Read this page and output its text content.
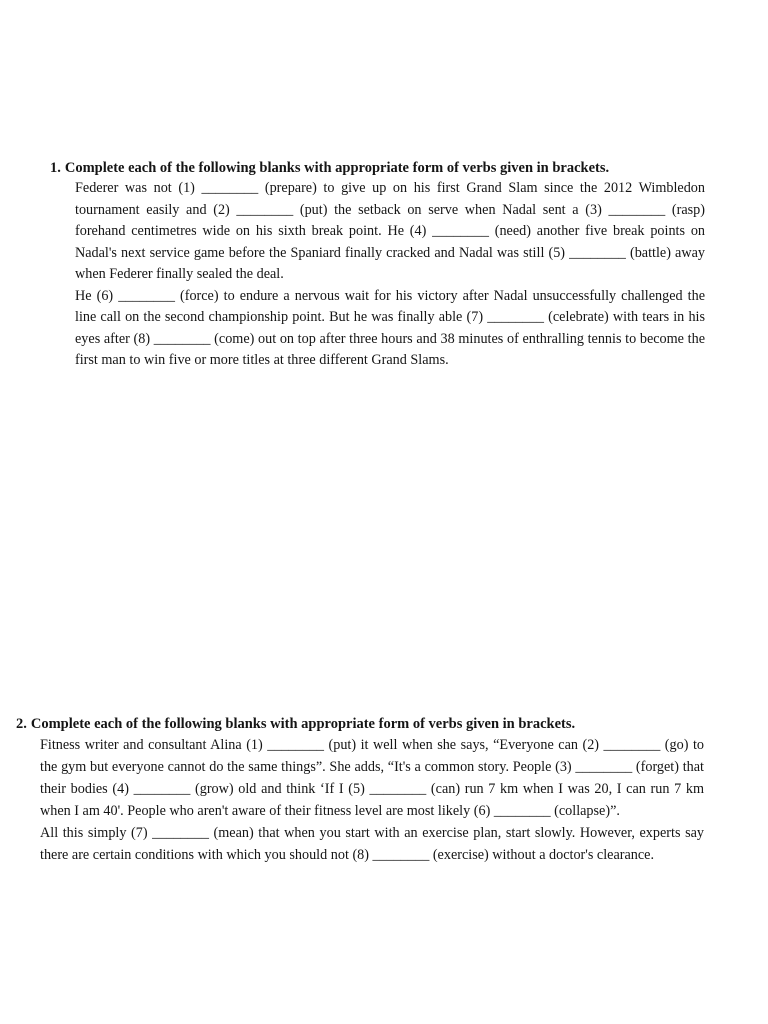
1. Complete each of the following blanks with appropriate form of verbs given in brackets.

Federer was not (1) ________ (prepare) to give up on his first Grand Slam since the 2012 Wimbledon tournament easily and (2) ________ (put) the setback on serve when Nadal sent a (3) ________ (rasp) forehand centimetres wide on his sixth break point. He (4) ________ (need) another five break points on Nadal's next service game before the Spaniard finally cracked and Nadal was still (5) ________ (battle) away when Federer finally sealed the deal.

He (6) ________ (force) to endure a nervous wait for his victory after Nadal unsuccessfully challenged the line call on the second championship point. But he was finally able (7) ________ (celebrate) with tears in his eyes after (8) ________ (come) out on top after three hours and 38 minutes of enthralling tennis to become the first man to win five or more titles at three different Grand Slams.

2. Complete each of the following blanks with appropriate form of verbs given in brackets.

Fitness writer and consultant Alina (1) ________ (put) it well when she says, “Everyone can (2) ________ (go) to the gym but everyone cannot do the same things”. She adds, “It's a common story. People (3) ________ (forget) that their bodies (4) ________ (grow) old and think ‘If I (5) ________ (can) run 7 km when I was 20, I can run 7 km when I am 40'. People who aren't aware of their fitness level are most likely (6) ________ (collapse)”.

All this simply (7) ________ (mean) that when you start with an exercise plan, start slowly. However, experts say there are certain conditions with which you should not (8) ________ (exercise) without a doctor's clearance.
